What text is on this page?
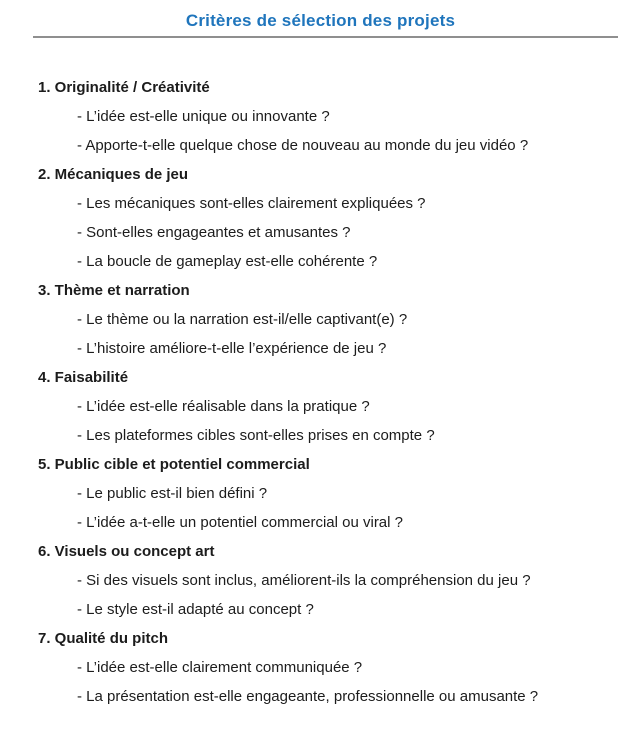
Critères de sélection des projets
1. Originalité / Créativité
- L’idée est-elle unique ou innovante ?
- Apporte-t-elle quelque chose de nouveau au monde du jeu vidéo ?
2. Mécaniques de jeu
- Les mécaniques sont-elles clairement expliquées ?
- Sont-elles engageantes et amusantes ?
- La boucle de gameplay est-elle cohérente ?
3. Thème et narration
- Le thème ou la narration est-il/elle captivant(e) ?
- L’histoire améliore-t-elle l’expérience de jeu ?
4. Faisabilité
- L’idée est-elle réalisable dans la pratique ?
- Les plateformes cibles sont-elles prises en compte ?
5. Public cible et potentiel commercial
- Le public est-il bien défini ?
- L’idée a-t-elle un potentiel commercial ou viral ?
6. Visuels ou concept art
- Si des visuels sont inclus, améliorent-ils la compréhension du jeu ?
- Le style est-il adapté au concept ?
7. Qualité du pitch
- L’idée est-elle clairement communiquée ?
- La présentation est-elle engageante, professionnelle ou amusante ?
